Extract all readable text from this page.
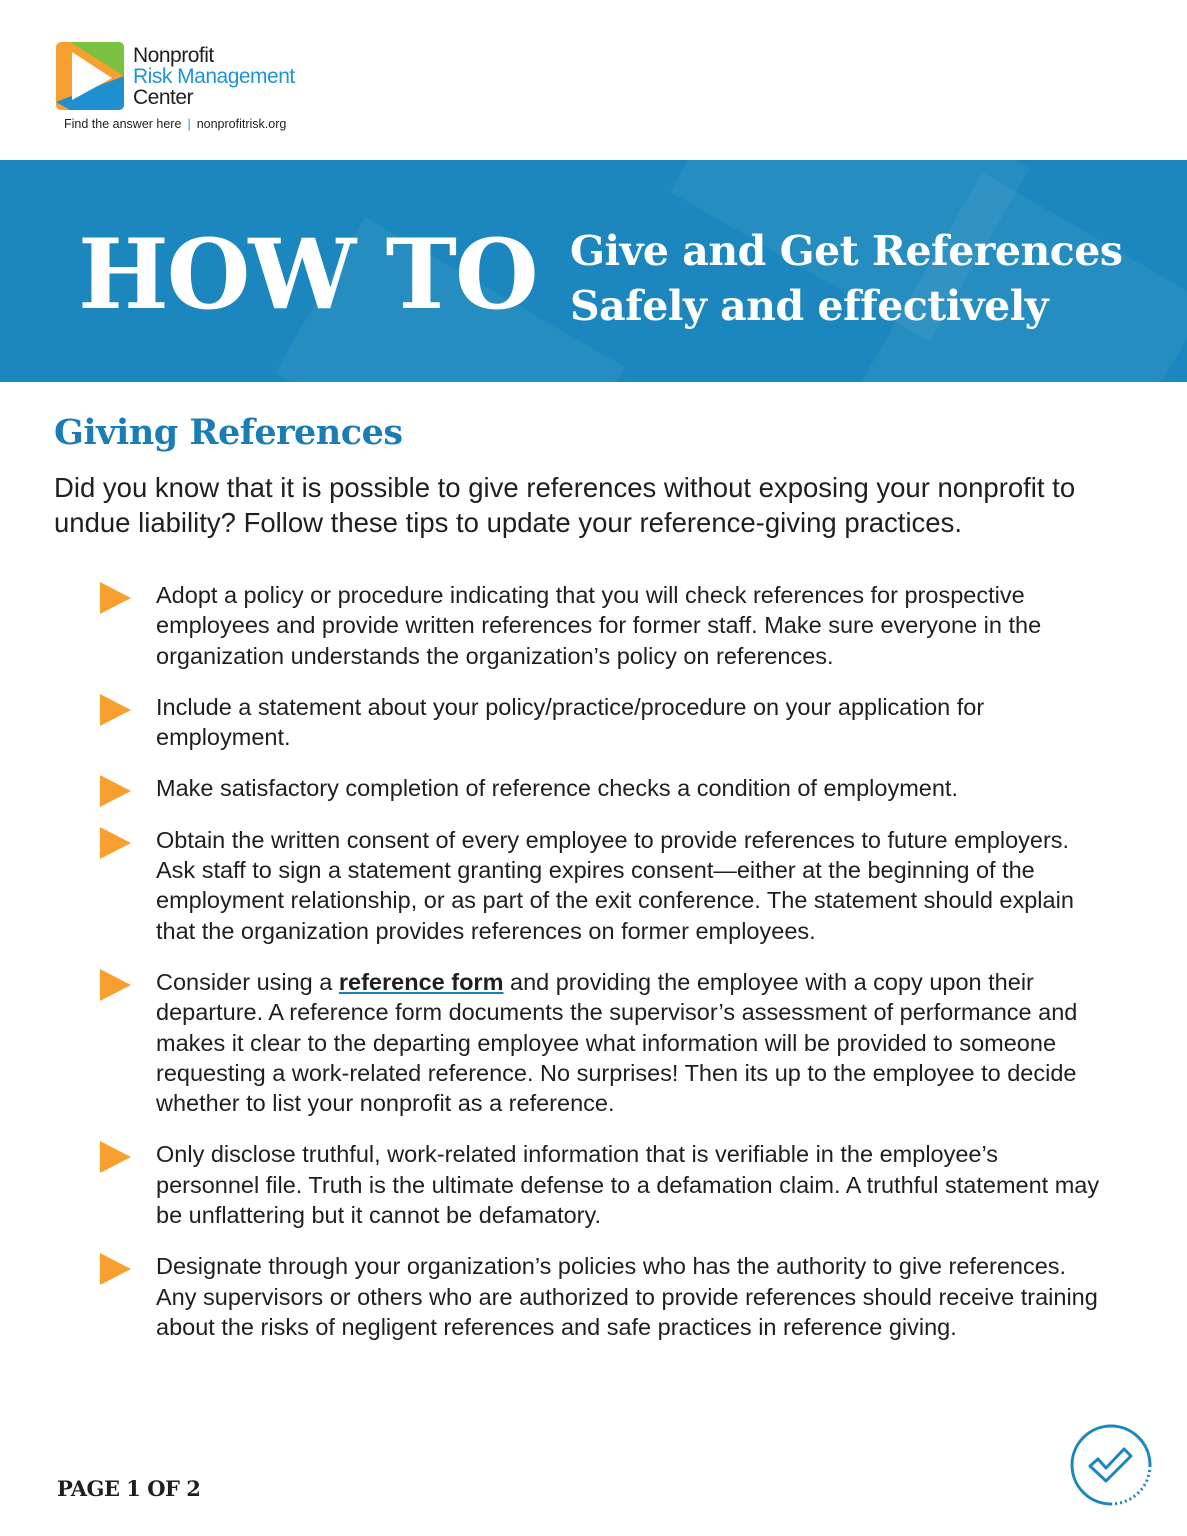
Nonprofit
Risk Management
Center
Find the answer here | nonprofitrisk.org
HOW TO Give and Get References
Safely and effectively
Giving References

Did you know that it is possible to give references without exposing your nonprofit to undue liability? Follow these tips to update your reference-giving practices.

Adopt a policy or procedure indicating that you will check references for prospective employees and provide written references for former staff. Make sure everyone in the organization understands the organization’s policy on references.
Include a statement about your policy/practice/procedure on your application for employment.
Make satisfactory completion of reference checks a condition of employment.
Obtain the written consent of every employee to provide references to future employers. Ask staff to sign a statement granting expires consent—either at the beginning of the employment relationship, or as part of the exit conference. The statement should explain that the organization provides references on former employees.
Consider using a reference form and providing the employee with a copy upon their departure. A reference form documents the supervisor’s assessment of performance and makes it clear to the departing employee what information will be provided to someone requesting a work-related reference. No surprises! Then its up to the employee to decide whether to list your nonprofit as a reference.
Only disclose truthful, work-related information that is verifiable in the employee’s personnel file. Truth is the ultimate defense to a defamation claim. A truthful statement may be unflattering but it cannot be defamatory.
Designate through your organization’s policies who has the authority to give references. Any supervisors or others who are authorized to provide references should receive training about the risks of negligent references and safe practices in reference giving.
PAGE 1 OF 2
